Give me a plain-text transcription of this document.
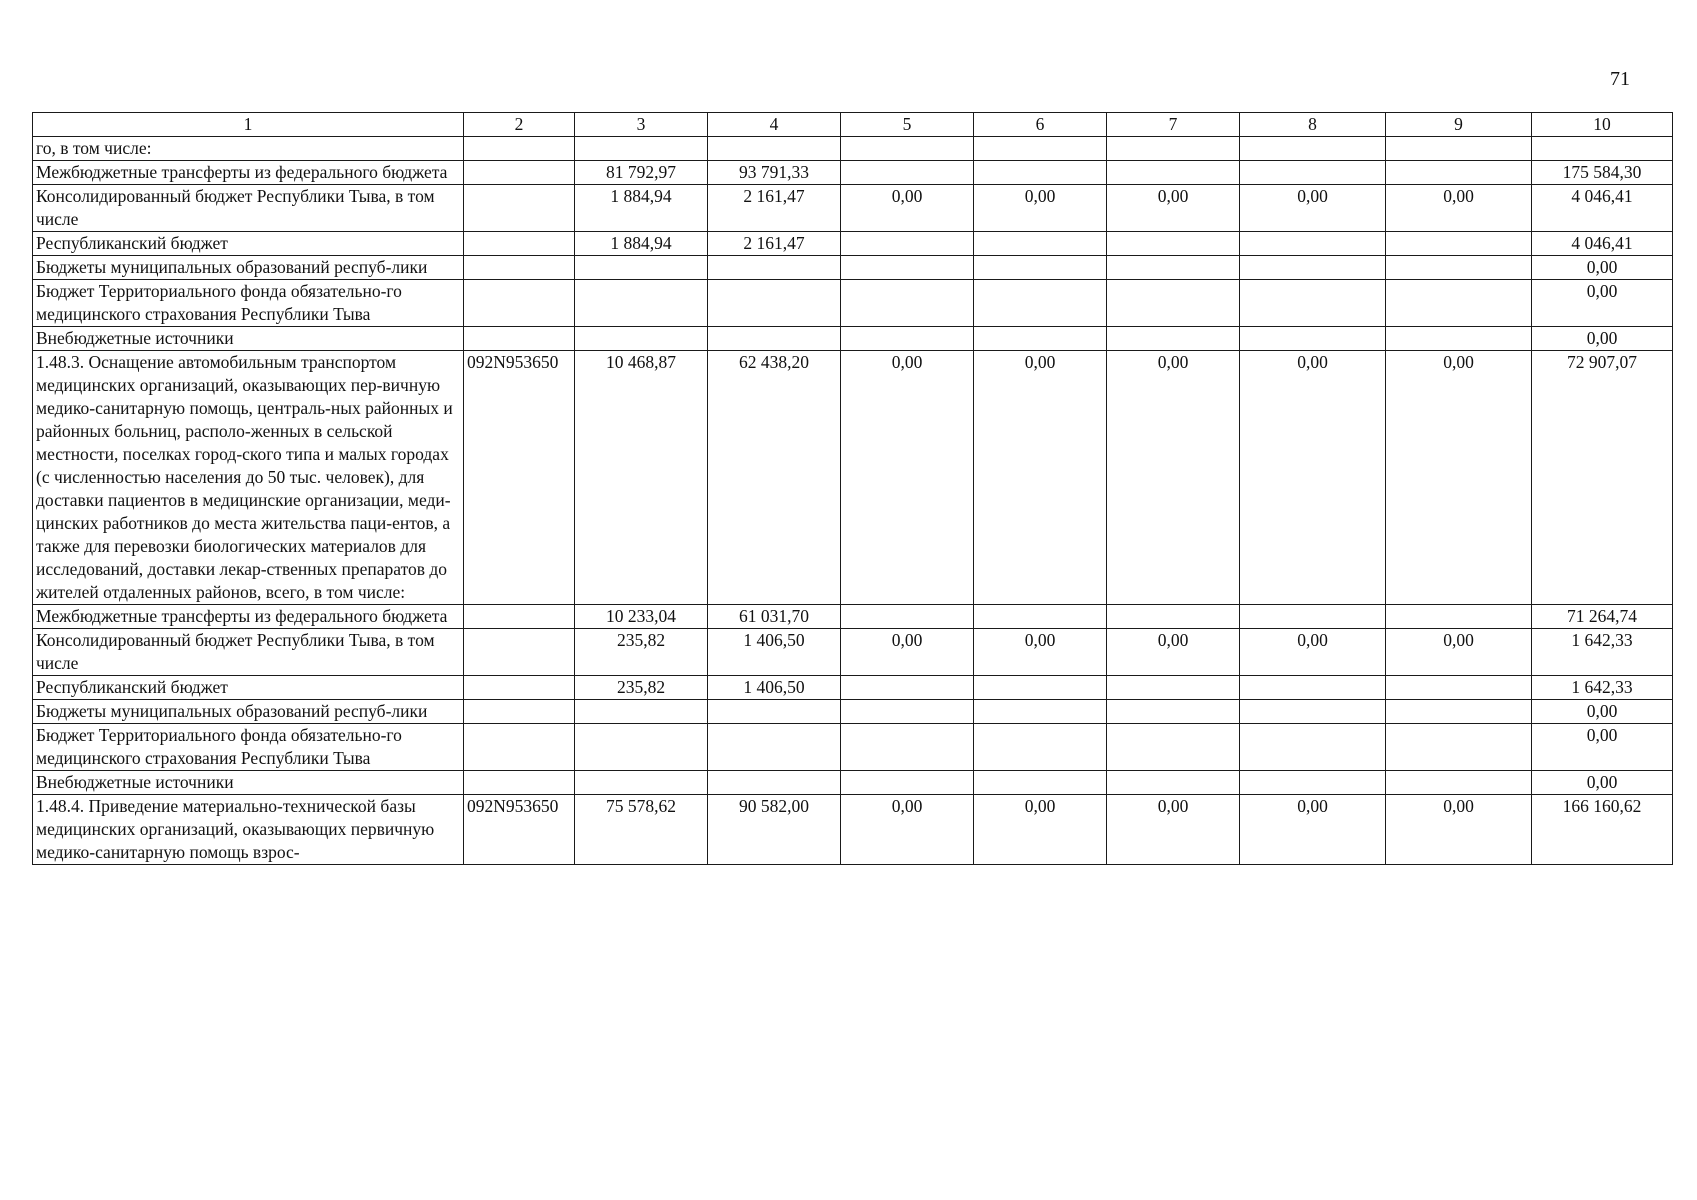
71
1	2	3	4	5	6	7	8	9	10
го, в том числе:									
Межбюджетные трансферты из федерального бюджета		81 792,97	93 791,33						175 584,30
Консолидированный бюджет Республики Тыва, в том числе		1 884,94	2 161,47	0,00	0,00	0,00	0,00	0,00	4 046,41
Республиканский бюджет		1 884,94	2 161,47						4 046,41
Бюджеты муниципальных образований респуб-лики									0,00
Бюджет Территориального фонда обязательно-го медицинского страхования Республики Тыва									0,00
Внебюджетные источники									0,00
1.48.3. Оснащение автомобильным транспортом медицинских организаций, оказывающих пер-вичную медико-санитарную помощь, централь-ных районных и районных больниц, располо-женных в сельской местности, поселках город-ского типа и малых городах (с численностью населения до 50 тыс. человек), для доставки пациентов в медицинские организации, меди-цинских работников до места жительства паци-ентов, а также для перевозки биологических материалов для исследований, доставки лекар-ственных препаратов до жителей отдаленных районов, всего, в том числе:	092N953650	10 468,87	62 438,20	0,00	0,00	0,00	0,00	0,00	72 907,07
Межбюджетные трансферты из федерального бюджета		10 233,04	61 031,70						71 264,74
Консолидированный бюджет Республики Тыва, в том числе		235,82	1 406,50	0,00	0,00	0,00	0,00	0,00	1 642,33
Республиканский бюджет		235,82	1 406,50						1 642,33
Бюджеты муниципальных образований респуб-лики									0,00
Бюджет Территориального фонда обязательно-го медицинского страхования Республики Тыва									0,00
Внебюджетные источники									0,00
1.48.4. Приведение материально-технической базы медицинских организаций, оказывающих первичную медико-санитарную помощь взрос-	092N953650	75 578,62	90 582,00	0,00	0,00	0,00	0,00	0,00	166 160,62
